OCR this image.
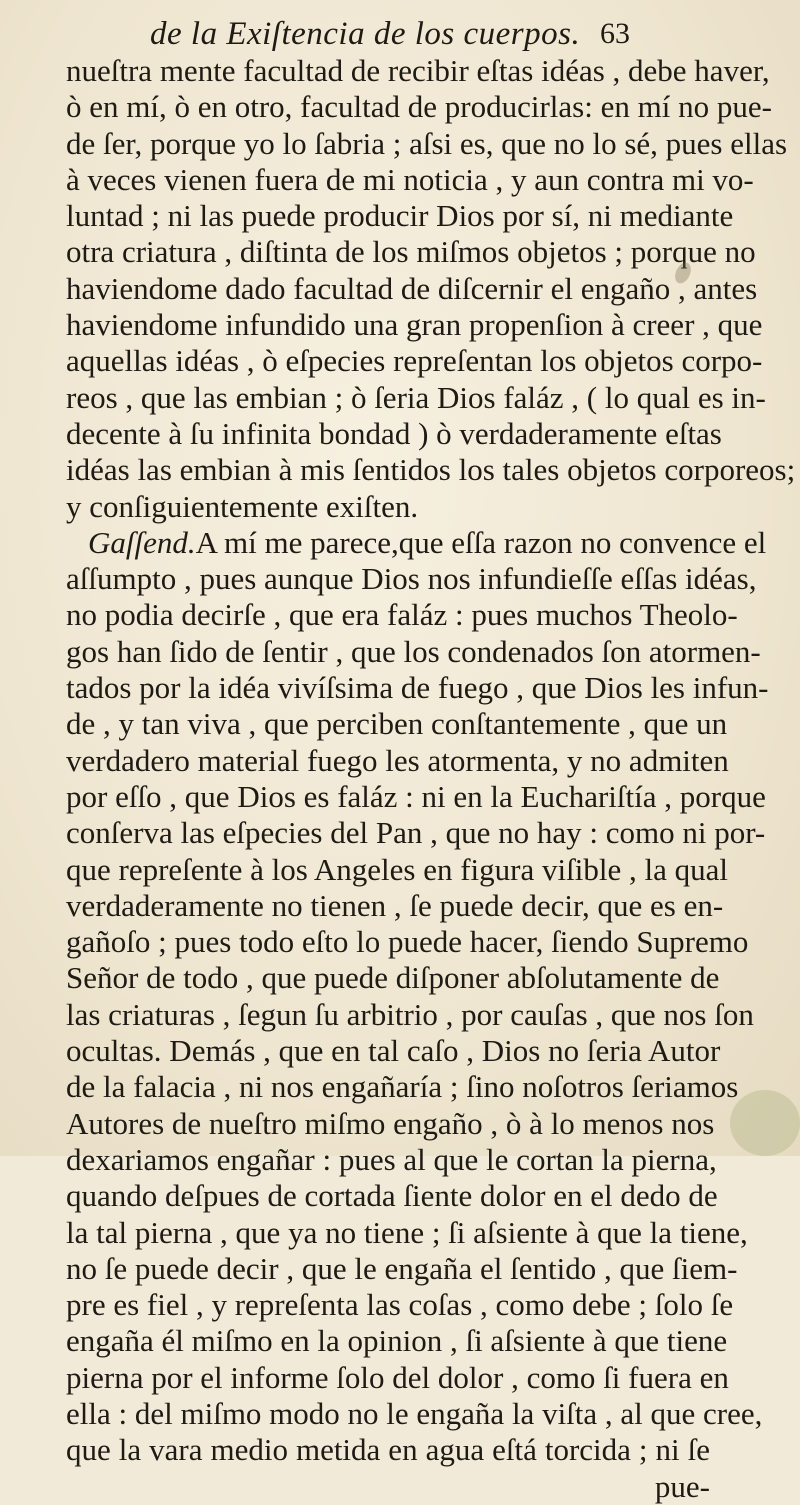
de la Exiſtencia de los cuerpos. 63
nueſtra mente facultad de recibir eſtas idéas , debe haver,
ò en mí, ò en otro, facultad de producirlas: en mí no pue-
de ſer, porque yo lo ſabria ; aſsi es, que no lo sé, pues ellas
à veces vienen fuera de mi noticia , y aun contra mi vo-
luntad ; ni las puede producir Dios por sí, ni mediante
otra criatura , diſtinta de los miſmos objetos ; porque no
haviendome dado facultad de diſcernir el engaño , antes
haviendome infundido una gran propenſion à creer , que
aquellas idéas , ò eſpecies repreſentan los objetos corpo-
reos , que las embian ; ò ſeria Dios faláz , ( lo qual es in-
decente à ſu infinita bondad ) ò verdaderamente eſtas
idéas las embian à mis ſentidos los tales objetos corporeos;
y conſiguientemente exiſten.
Gaſſend.A mí me parece,que eſſa razon no convence el
aſſumpto , pues aunque Dios nos infundieſſe eſſas idéas,
no podia decirſe , que era faláz : pues muchos Theolo-
gos han ſido de ſentir , que los condenados ſon atormen-
tados por la idéa vivíſsima de fuego , que Dios les infun-
de , y tan viva , que perciben conſtantemente , que un
verdadero material fuego les atormenta, y no admiten
por eſſo , que Dios es faláz : ni en la Euchariſtía , porque
conſerva las eſpecies del Pan , que no hay : como ni por-
que repreſente à los Angeles en figura viſible , la qual
verdaderamente no tienen , ſe puede decir, que es en-
gañoſo ; pues todo eſto lo puede hacer, ſiendo Supremo
Señor de todo , que puede diſponer abſolutamente de
las criaturas , ſegun ſu arbitrio , por cauſas , que nos ſon
ocultas. Demás , que en tal caſo , Dios no ſeria Autor
de la falacia , ni nos engañaría ; ſino noſotros ſeriamos
Autores de nueſtro miſmo engaño , ò à lo menos nos
dexariamos engañar : pues al que le cortan la pierna,
quando deſpues de cortada ſiente dolor en el dedo de
la tal pierna , que ya no tiene ; ſi aſsiente à que la tiene,
no ſe puede decir , que le engaña el ſentido , que ſiem-
pre es fiel , y repreſenta las coſas , como debe ; ſolo ſe
engaña él miſmo en la opinion , ſi aſsiente à que tiene
pierna por el informe ſolo del dolor , como ſi fuera en
ella : del miſmo modo no le engaña la viſta , al que cree,
que la vara medio metida en agua eſtá torcida ; ni ſe
pue-
